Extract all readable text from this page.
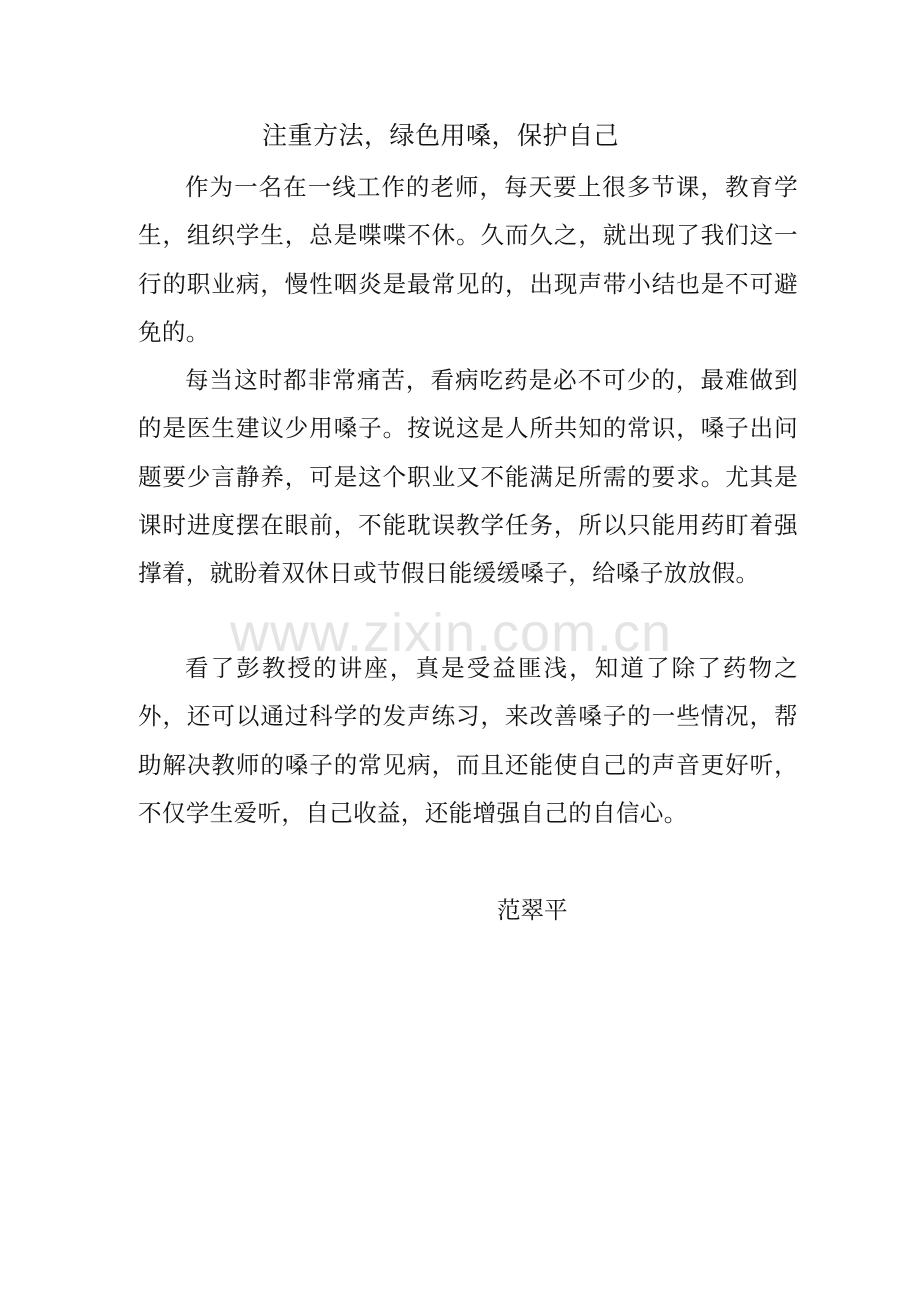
www.zixin.com.cn
注重方法，绿色用嗓，保护自己

作为一名在一线工作的老师，每天要上很多节课，教育学生，组织学生，总是喋喋不休。久而久之，就出现了我们这一行的职业病，慢性咽炎是最常见的，出现声带小结也是不可避免的。

每当这时都非常痛苦，看病吃药是必不可少的，最难做到的是医生建议少用嗓子。按说这是人所共知的常识，嗓子出问题要少言静养，可是这个职业又不能满足所需的要求。尤其是课时进度摆在眼前，不能耽误教学任务，所以只能用药盯着强撑着，就盼着双休日或节假日能缓缓嗓子，给嗓子放放假。

看了彭教授的讲座，真是受益匪浅，知道了除了药物之外，还可以通过科学的发声练习，来改善嗓子的一些情况，帮助解决教师的嗓子的常见病，而且还能使自己的声音更好听，不仅学生爱听，自己收益，还能增强自己的自信心。

范翠平
